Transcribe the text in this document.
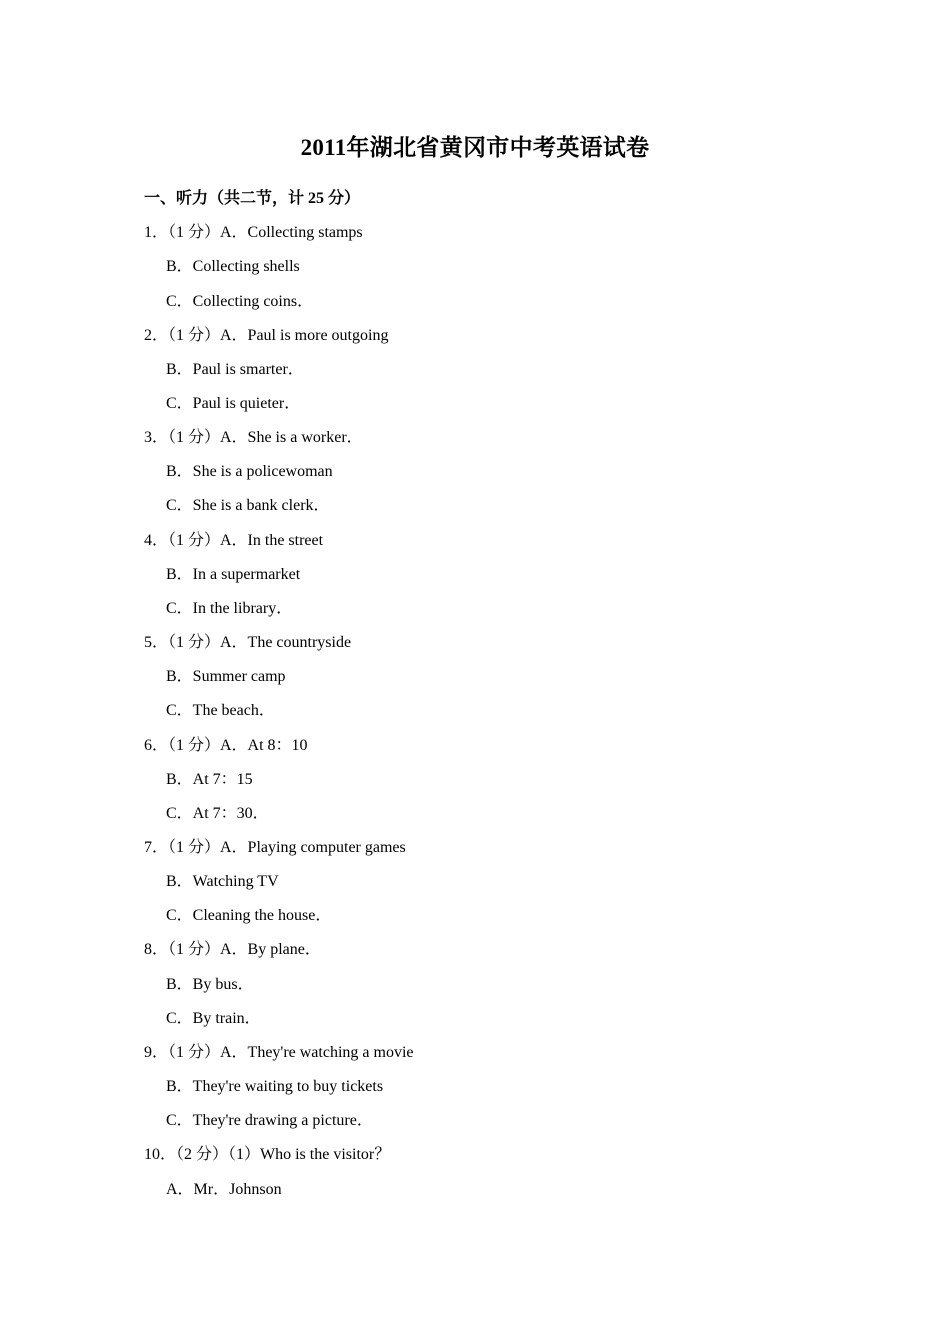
2011年湖北省黄冈市中考英语试卷
一、听力（共二节，计 25 分）
1．（1 分）A．Collecting stamps
B．Collecting shells
C．Collecting coins．
2．（1 分）A．Paul is more outgoing
B．Paul is smarter．
C．Paul is quieter．
3．（1 分）A．She is a worker．
B．She is a policewoman
C．She is a bank clerk．
4．（1 分）A．In the street
B．In a supermarket
C．In the library．
5．（1 分）A．The countryside
B．Summer camp
C．The beach．
6．（1 分）A．At 8：10
B．At 7：15
C．At 7：30．
7．（1 分）A．Playing computer games
B．Watching TV
C．Cleaning the house．
8．（1 分）A．By plane．
B．By bus．
C．By train．
9．（1 分）A．They're watching a movie
B．They're waiting to buy tickets
C．They're drawing a picture．
10．（2 分）（1）Who is the visitor？
A．Mr．Johnson
